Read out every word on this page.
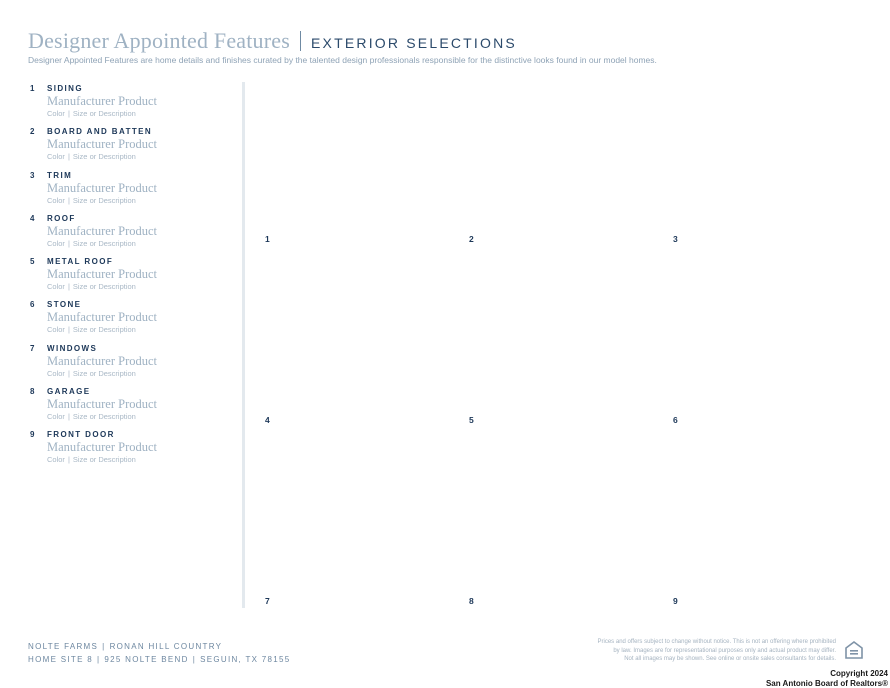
Designer Appointed Features EXTERIOR SELECTIONS
Designer Appointed Features are home details and finishes curated by the talented design professionals responsible for the distinctive looks found in our model homes.
1	SIDING
Manufacturer Product
Color | Size or Description
2	BOARD AND BATTEN
Manufacturer Product
Color | Size or Description
3	TRIM
Manufacturer Product
Color | Size or Description
4	ROOF
Manufacturer Product
Color | Size or Description
5	METAL ROOF
Manufacturer Product
Color | Size or Description
6	STONE
Manufacturer Product
Color | Size or Description
7	WINDOWS
Manufacturer Product
Color | Size or Description
8	GARAGE
Manufacturer Product
Color | Size or Description
9	FRONT DOOR
Manufacturer Product
Color | Size or Description
1	2	3
4	5	6
7	8	9
NOLTE FARMS | RONAN HILL COUNTRY
HOME SITE 8 | 925 NOLTE BEND | SEGUIN, TX 78155
Prices and offers subject to change without notice. This is not an offering where prohibited
by law. Images are for representational purposes only and actual product may differ.
Not all images may be shown. See online or onsite sales consultants for details.
Copyright 2024
San Antonio Board of Realtors®
